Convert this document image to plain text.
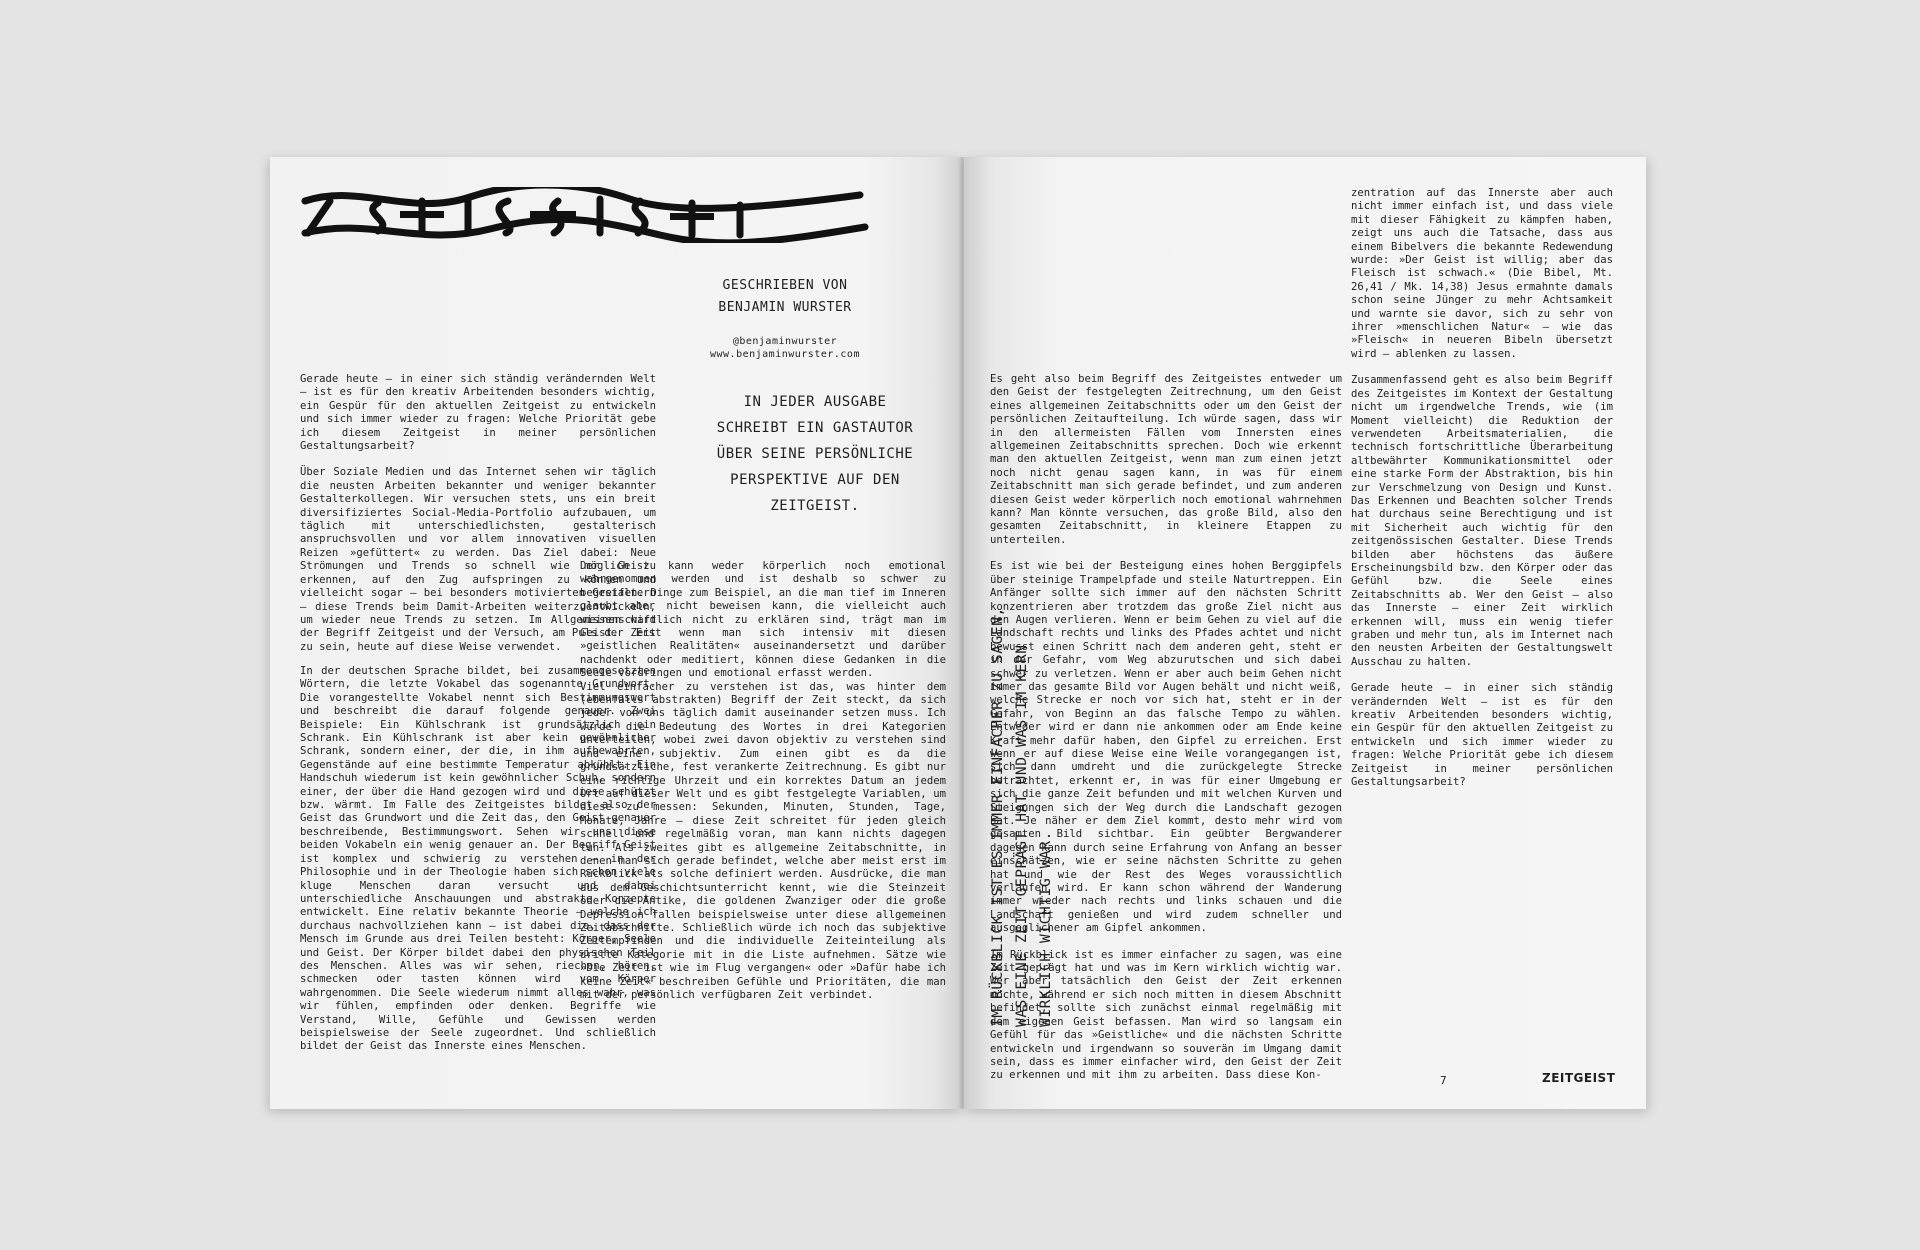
GESCHRIEBEN VON
BENJAMIN WURSTER
@benjaminwurster
www.benjaminwurster.com
IN JEDER AUSGABE SCHREIBT EIN GASTAUTOR ÜBER SEINE PERSÖNLICHE PERSPEKTIVE AUF DEN ZEITGEIST.

Gerade heute – in einer sich ständig verändernden Welt – ist es für den kreativ Arbeitenden besonders wichtig, ein Gespür für den aktuellen Zeitgeist zu entwickeln und sich immer wieder zu fragen: Welche Priorität gebe ich diesem Zeitgeist in meiner persönlichen Gestaltungsarbeit?

Über Soziale Medien und das Internet sehen wir täglich die neusten Arbeiten bekannter und weniger bekannter Gestalterkollegen. Wir versuchen stets, uns ein breit diversifiziertes Social-Media-Portfolio aufzubauen, um täglich mit unterschiedlichsten, gestalterisch anspruchsvollen und vor allem innovativen visuellen Reizen »gefüttert« zu werden. Das Ziel dabei: Neue Strömungen und Trends so schnell wie möglich zu erkennen, auf den Zug aufspringen zu können und vielleicht sogar – bei besonders motivierten Gestaltern – diese Trends beim Damit-Arbeiten weiterzuentwickeln, um wieder neue Trends zu setzen. Im Allgemeinen wird der Begriff Zeitgeist und der Versuch, am Puls der Zeit zu sein, heute auf diese Weise verwendet.

In der deutschen Sprache bildet, bei zusammengesetzten Wörtern, die letzte Vokabel das sogenannte Grundwort. Die vorangestellte Vokabel nennt sich Bestimmungswort und beschreibt die darauf folgende genauer. Zwei Beispiele: Ein Kühlschrank ist grundsätzlich ein Schrank. Ein Kühlschrank ist aber kein gewöhnlicher Schrank, sondern einer, der die, in ihm aufbewahrten, Gegenstände auf eine bestimmte Temperatur abkühlt. Ein Handschuh wiederum ist kein gewöhnlicher Schuh, sondern einer, der über die Hand gezogen wird und diese schützt bzw. wärmt. Im Falle des Zeitgeistes bildet also der Geist das Grundwort und die Zeit das, den Geist genauer beschreibende, Bestimmungswort. Sehen wir uns diese beiden Vokabeln ein wenig genauer an. Der Begriff Geist ist komplex und schwierig zu verstehen – in der Philosophie und in der Theologie haben sich schon viele kluge Menschen daran versucht und dabei unterschiedliche Anschauungen und abstrakte Konzepte entwickelt. Eine relativ bekannte Theorie – welche ich durchaus nachvollziehen kann – ist dabei die, dass der Mensch im Grunde aus drei Teilen besteht: Körper, Seele und Geist. Der Körper bildet dabei den physischen Teil des Menschen. Alles was wir sehen, riechen, hören, schmecken oder tasten können wird vom Körper wahrgenommen. Die Seele wiederum nimmt alles wahr, was wir fühlen, empfinden oder denken. Begriffe wie Verstand, Wille, Gefühle und Gewissen werden beispielsweise der Seele zugeordnet. Und schließlich bildet der Geist das Innerste eines Menschen.

Der Geist kann weder körperlich noch emotional wahrgenommen werden und ist deshalb so schwer zu begreifen. Dinge zum Beispiel, an die man tief im Inneren glaubt aber nicht beweisen kann, die vielleicht auch wissenschaftlich nicht zu erklären sind, trägt man im Geist. Erst wenn man sich intensiv mit diesen »geistlichen Realitäten« auseinandersetzt und darüber nachdenkt oder meditiert, können diese Gedanken in die Seele vordringen und emotional erfasst werden.

Viel einfacher zu verstehen ist das, was hinter dem (ebenfalls abstrakten) Begriff der Zeit steckt, da sich jeder von uns täglich damit auseinander setzen muss. Ich würde die Bedeutung des Wortes in drei Kategorien unterteilen, wobei zwei davon objektiv zu verstehen sind und eine subjektiv. Zum einen gibt es da die grundsätzliche, fest verankerte Zeitrechnung. Es gibt nur eine richtige Uhrzeit und ein korrektes Datum an jedem Ort auf dieser Welt und es gibt festgelegte Variablen, um diese zu messen: Sekunden, Minuten, Stunden, Tage, Monate, Jahre – diese Zeit schreitet für jeden gleich schnell und regelmäßig voran, man kann nichts dagegen tun. Als zweites gibt es allgemeine Zeitabschnitte, in denen man sich gerade befindet, welche aber meist erst im Rückblick als solche definiert werden. Ausdrücke, die man aus dem Geschichtsunterricht kennt, wie die Steinzeit oder die Antike, die goldenen Zwanziger oder die große Depression fallen beispielsweise unter diese allgemeinen Zeitabschnitte. Schließlich würde ich noch das subjektive Zeitempfinden und die individuelle Zeiteinteilung als dritte Kategorie mit in die Liste aufnehmen. Sätze wie »Die Zeit ist wie im Flug vergangen« oder »Dafür habe ich keine Zeit« beschreiben Gefühle und Prioritäten, die man mit der persönlich verfügbaren Zeit verbindet.

Es geht also beim Begriff des Zeitgeistes entweder um den Geist der festgelegten Zeitrechnung, um den Geist eines allgemeinen Zeitabschnitts oder um den Geist der persönlichen Zeitaufteilung. Ich würde sagen, dass wir in den allermeisten Fällen vom Innersten eines allgemeinen Zeitabschnitts sprechen. Doch wie erkennt man den aktuellen Zeitgeist, wenn man zum einen jetzt noch nicht genau sagen kann, in was für einem Zeitabschnitt man sich gerade befindet, und zum anderen diesen Geist weder körperlich noch emotional wahrnehmen kann? Man könnte versuchen, das große Bild, also den gesamten Zeitabschnitt, in kleinere Etappen zu unterteilen.

Es ist wie bei der Besteigung eines hohen Berggipfels über steinige Trampelpfade und steile Naturtreppen. Ein Anfänger sollte sich immer auf den nächsten Schritt konzentrieren aber trotzdem das große Ziel nicht aus den Augen verlieren. Wenn er beim Gehen zu viel auf die Landschaft rechts und links des Pfades achtet und nicht bewusst einen Schritt nach dem anderen geht, steht er in der Gefahr, vom Weg abzurutschen und sich dabei schwer zu verletzen. Wenn er aber auch beim Gehen nicht immer das gesamte Bild vor Augen behält und nicht weiß, welche Strecke er noch vor sich hat, steht er in der Gefahr, von Beginn an das falsche Tempo zu wählen. Entweder wird er dann nie ankommen oder am Ende keine Kraft mehr dafür haben, den Gipfel zu erreichen. Erst wenn er auf diese Weise eine Weile vorangegangen ist, sich dann umdreht und die zurückgelegte Strecke betrachtet, erkennt er, in was für einer Umgebung er sich die ganze Zeit befunden und mit welchen Kurven und Steigungen sich der Weg durch die Landschaft gezogen hat. Je näher er dem Ziel kommt, desto mehr wird vom gesamten Bild sichtbar. Ein geübter Bergwanderer dagegen kann durch seine Erfahrung von Anfang an besser einschätzen, wie er seine nächsten Schritte zu gehen hat und wie der Rest des Weges voraussichtlich verlaufen wird. Er kann schon während der Wanderung immer wieder nach rechts und links schauen und die Landschaft genießen und wird zudem schneller und ausgeglichener am Gipfel ankommen.

Im Rückblick ist es immer einfacher zu sagen, was eine Zeit geprägt hat und was im Kern wirklich wichtig war. Wer aber tatsächlich den Geist der Zeit erkennen möchte, während er sich noch mitten in diesem Abschnitt befindet, sollte sich zunächst einmal regelmäßig mit dem eigenen Geist befassen. Man wird so langsam ein Gefühl für das »Geistliche« und die nächsten Schritte entwickeln und irgendwann so souverän im Umgang damit sein, dass es immer einfacher wird, den Geist der Zeit zu erkennen und mit ihm zu arbeiten. Dass diese Kon-

IM RÜCKBLICK IST ES IMMER EINFACHER ZU SAGEN, WAS EINE ZEIT GEPRÄGT HAT UND WAS IM KERN WIRKLICH WICHTIG WAR.

zentration auf das Innerste aber auch nicht immer einfach ist, und dass viele mit dieser Fähigkeit zu kämpfen haben, zeigt uns auch die Tatsache, dass aus einem Bibelvers die bekannte Redewendung wurde: »Der Geist ist willig; aber das Fleisch ist schwach.« (Die Bibel, Mt. 26,41 / Mk. 14,38) Jesus ermahnte damals schon seine Jünger zu mehr Achtsamkeit und warnte sie davor, sich zu sehr von ihrer »menschlichen Natur« – wie das »Fleisch« in neueren Bibeln übersetzt wird – ablenken zu lassen.

Zusammenfassend geht es also beim Begriff des Zeitgeistes im Kontext der Gestaltung nicht um irgendwelche Trends, wie (im Moment vielleicht) die Reduktion der verwendeten Arbeitsmaterialien, die technisch fortschrittliche Überarbeitung altbewährter Kommunikationsmittel oder eine starke Form der Abstraktion, bis hin zur Verschmelzung von Design und Kunst. Das Erkennen und Beachten solcher Trends hat durchaus seine Berechtigung und ist mit Sicherheit auch wichtig für den zeitgenössischen Gestalter. Diese Trends bilden aber höchstens das äußere Erscheinungsbild bzw. den Körper oder das Gefühl bzw. die Seele eines Zeitabschnitts ab. Wer den Geist – also das Innerste – einer Zeit wirklich erkennen will, muss ein wenig tiefer graben und mehr tun, als im Internet nach den neusten Arbeiten der Gestaltungswelt Ausschau zu halten.

Gerade heute – in einer sich ständig verändernden Welt – ist es für den kreativ Arbeitenden besonders wichtig, ein Gespür für den aktuellen Zeitgeist zu entwickeln und sich immer wieder zu fragen: Welche Priorität gebe ich diesem Zeitgeist in meiner persönlichen Gestaltungsarbeit?

7	ZEITGEIST
